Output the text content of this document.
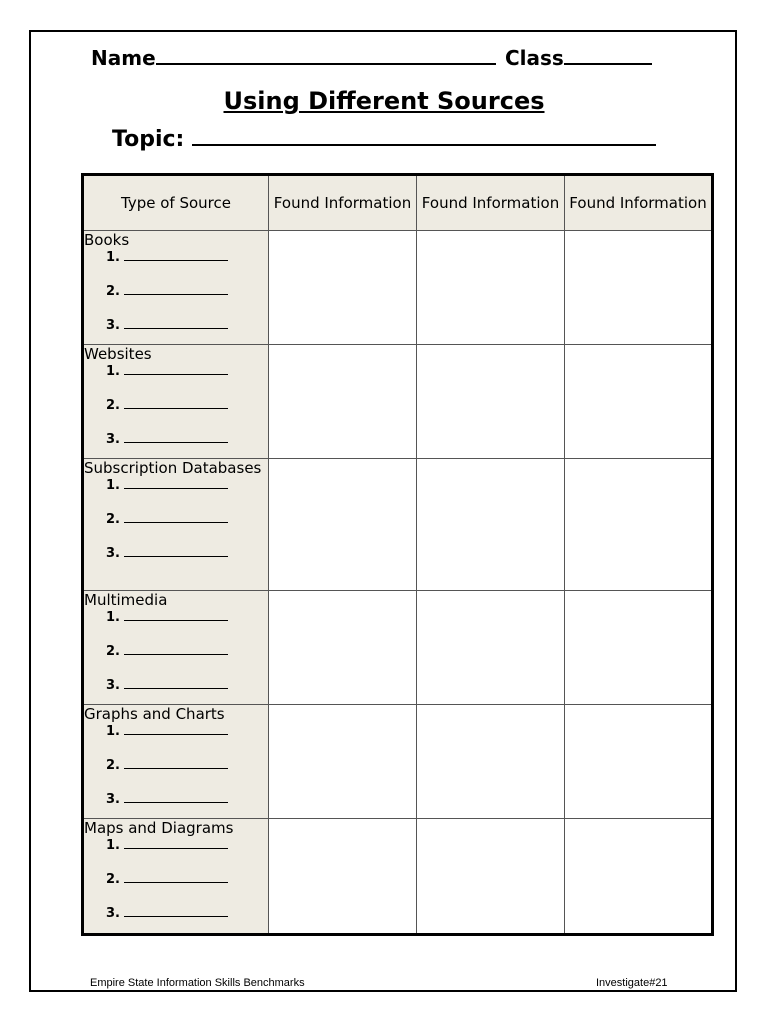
Name	Class
Using Different Sources
Topic:
Type of Source	Found Information	Found Information	Found Information

Books
1.
2.
3.			

Websites
1.
2.
3.			

Subscription Databases
1.
2.
3.			

Multimedia
1.
2.
3.			

Graphs and Charts
1.
2.
3.			

Maps and Diagrams
1.
2.
3.			

Empire State Information Skills Benchmarks	Investigate#21
